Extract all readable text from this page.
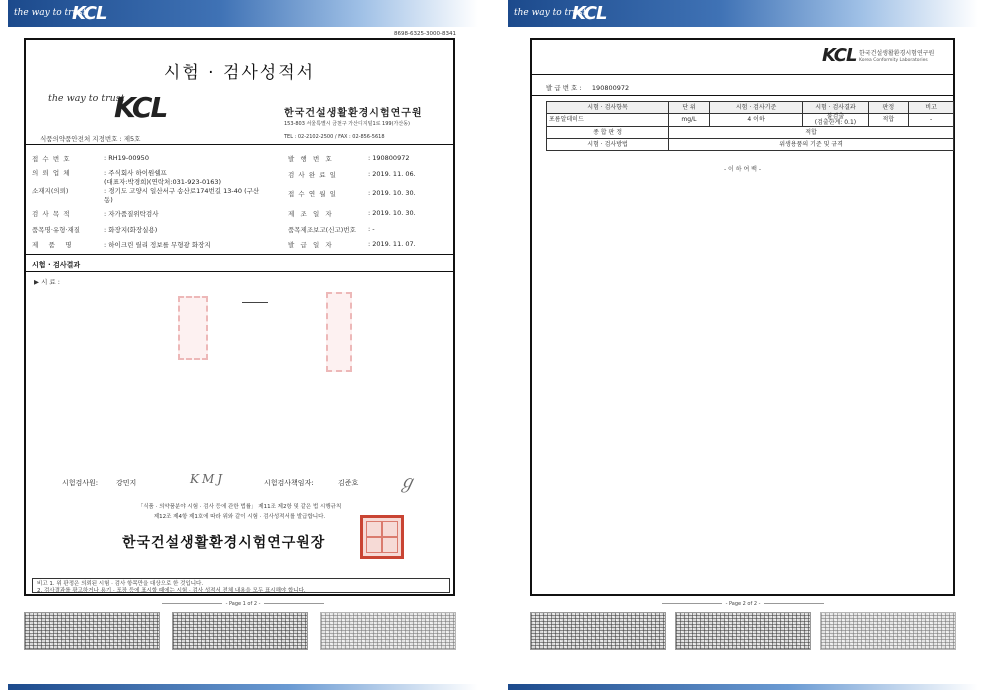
the way to trust
KCL
8698-6325-3000-8341
시험 · 검사성적서
the way to trust
KCL	한국건설생활환경시험연구원
153-803 서울특별시 금천구 가산디지털1로 199(가산동)
TEL : 02-2102-2500 / FAX : 02-856-5618
식품의약품안전처 지정번호 : 제5호
접  수  번  호	: RH19-00950
의  뢰  업  체	: 주식회사 하이원쉘프
(대표자:박경희)(연락처:031-923-0163)
소재지(의뢰)	: 경기도 고양시 일산서구 송산로174번길 13-40 (구산
동)
검  사  목  적	: 자가품질위탁검사
품목명·유형·재질	: 화장지(화장실용)
제     품     명	: 하이크린 릴리 정보를 무형광 화장지
발   행   번   호	: 190800972
검  사  완  료  일	: 2019. 11. 06.
접  수  연  월  일	: 2019. 10. 30.
제   조   일   자	: 2019. 10. 30.
품목제조보고(신고)번호 : -
발   급   일   자	: 2019. 11. 07.
시험 · 검사결과
▶ 시 료 :
시험검사원:	강민지	KMJ	시험검사책임자:	김준호 ℊ
「식품 · 의약품분야 시험 · 검사 등에 관한 법률」 제11조 제2항 및 같은 법 시행규칙
제12조 제4항 제1호에 따라 위와 같이 시험 · 검사성적서를 발급합니다.
한국건설생활환경시험연구원장
비고 1. 위 판정은 의뢰된 시험 · 검사 항목만을 대상으로 한 것입니다.
2. 검사결과를 광고하거나 용기 · 포장 등에 표시할 때에는 시험 · 검사 성적서 전체 내용을 모두 표시해야 합니다.
- Page 1 of 2 -
the way to trust
KCL
KCL 한국건설생활환경시험연구원
Korea Conformity Laboratories
발 급 번 호 : 190800972
시험 · 검사항목	단 위	시험 · 검사기준	시험 · 검사결과	판정	비고
포름알데히드	mg/L	4 이하	불검출
(검출한계: 0.1)	적합	-
종 합 판 정	적합				
시험 · 검사방법	위생용품의 기준 및 규격				
- 이 하 여 백 -
- Page 2 of 2 -
